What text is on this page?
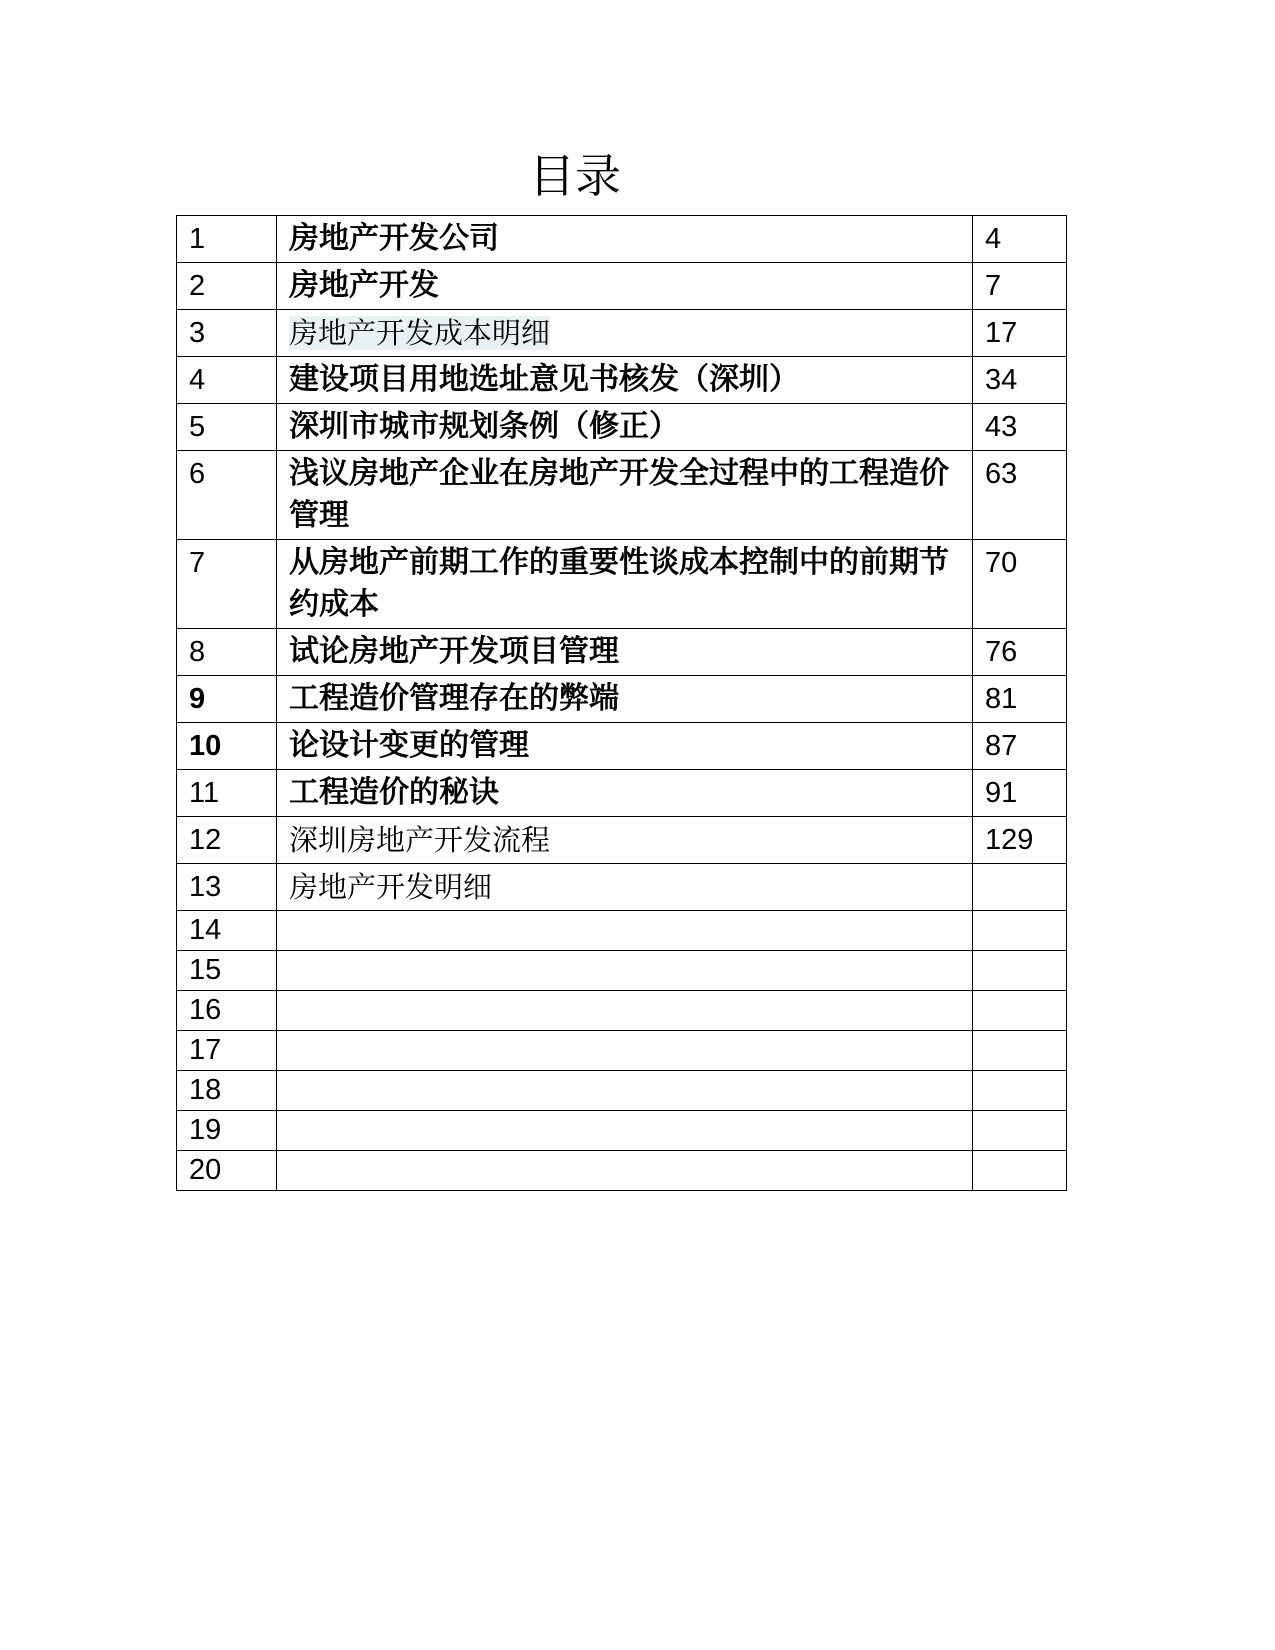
目录
1	房地产开发公司	4
2	房地产开发	7
3	房地产开发成本明细	17
4	建设项目用地选址意见书核发（深圳）	34
5	深圳市城市规划条例（修正）	43
6	浅议房地产企业在房地产开发全过程中的工程造价管理	63
7	从房地产前期工作的重要性谈成本控制中的前期节约成本	70
8	试论房地产开发项目管理	76
9	工程造价管理存在的弊端	81
10	论设计变更的管理	87
11	工程造价的秘诀	91
12	深圳房地产开发流程	129
13	房地产开发明细	
14		
15		
16		
17		
18		
19		
20		
